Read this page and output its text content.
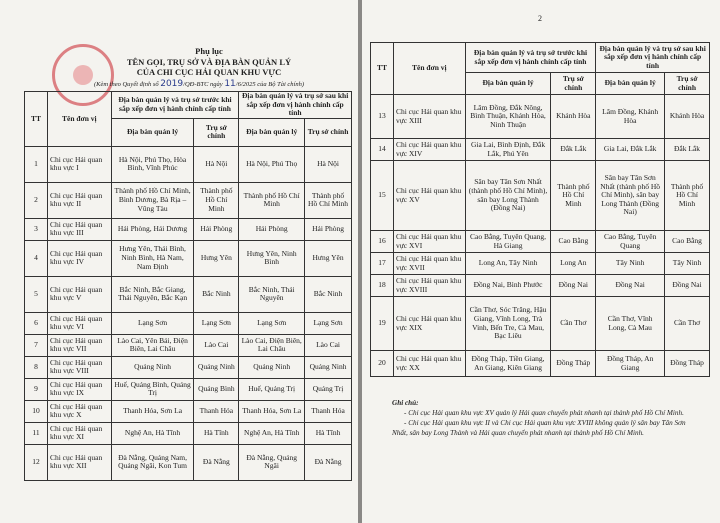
Phụ lục
TÊN GỌI, TRỤ SỞ VÀ ĐỊA BÀN QUẢN LÝ
CỦA CHI CỤC HẢI QUAN KHU VỰC
(Kèm theo Quyết định số 2019/QĐ-BTC ngày 11/6/2025 của Bộ Tài chính)
TT	Tên đơn vị	Địa bàn quản lý và trụ sở trước khi sắp xếp đơn vị hành chính cấp tỉnh		Địa bàn quản lý và trụ sở sau khi sắp xếp đơn vị hành chính cấp tỉnh	
		Địa bàn quản lý	Trụ sở chính	Địa bàn quản lý	Trụ sở chính
1	Chi cục Hải quan khu vực I	Hà Nội, Phú Thọ, Hòa Bình, Vĩnh Phúc	Hà Nội	Hà Nội, Phú Thọ	Hà Nội
2	Chi cục Hải quan khu vực II	Thành phố Hồ Chí Minh, Bình Dương, Bà Rịa – Vũng Tàu	Thành phố Hồ Chí Minh	Thành phố Hồ Chí Minh	Thành phố Hồ Chí Minh
3	Chi cục Hải quan khu vực III	Hải Phòng, Hải Dương	Hải Phòng	Hải Phòng	Hải Phòng
4	Chi cục Hải quan khu vực IV	Hưng Yên, Thái Bình, Ninh Bình, Hà Nam, Nam Định	Hưng Yên	Hưng Yên, Ninh Bình	Hưng Yên
5	Chi cục Hải quan khu vực V	Bắc Ninh, Bắc Giang, Thái Nguyên, Bắc Kạn	Bắc Ninh	Bắc Ninh, Thái Nguyên	Bắc Ninh
6	Chi cục Hải quan khu vực VI	Lạng Sơn	Lạng Sơn	Lạng Sơn	Lạng Sơn
7	Chi cục Hải quan khu vực VII	Lào Cai, Yên Bái, Điện Biên, Lai Châu	Lào Cai	Lào Cai, Điện Biên, Lai Châu	Lào Cai
8	Chi cục Hải quan khu vực VIII	Quảng Ninh	Quảng Ninh	Quảng Ninh	Quảng Ninh
9	Chi cục Hải quan khu vực IX	Huế, Quảng Bình, Quảng Trị	Quảng Bình	Huế, Quảng Trị	Quảng Trị
10	Chi cục Hải quan khu vực X	Thanh Hóa, Sơn La	Thanh Hóa	Thanh Hóa, Sơn La	Thanh Hóa
11	Chi cục Hải quan khu vực XI	Nghệ An, Hà Tĩnh	Hà Tĩnh	Nghệ An, Hà Tĩnh	Hà Tĩnh
12	Chi cục Hải quan khu vực XII	Đà Nẵng, Quảng Nam, Quảng Ngãi, Kon Tum	Đà Nẵng	Đà Nẵng, Quảng Ngãi	Đà Nẵng
2
TT	Tên đơn vị	Địa bàn quản lý và trụ sở trước khi sắp xếp đơn vị hành chính cấp tỉnh		Địa bàn quản lý và trụ sở sau khi sắp xếp đơn vị hành chính cấp tỉnh	
		Địa bàn quản lý	Trụ sở chính	Địa bàn quản lý	Trụ sở chính
13	Chi cục Hải quan khu vực XIII	Lâm Đồng, Đắk Nông, Bình Thuận, Khánh Hòa, Ninh Thuận	Khánh Hòa	Lâm Đồng, Khánh Hòa	Khánh Hòa
14	Chi cục Hải quan khu vực XIV	Gia Lai, Bình Định, Đắk Lắk, Phú Yên	Đắk Lắk	Gia Lai, Đắk Lắk	Đắk Lắk
15	Chi cục Hải quan khu vực XV	Sân bay Tân Sơn Nhất (thành phố Hồ Chí Minh), sân bay Long Thành (Đồng Nai)	Thành phố Hồ Chí Minh	Sân bay Tân Sơn Nhất (thành phố Hồ Chí Minh), sân bay Long Thành (Đồng Nai)	Thành phố Hồ Chí Minh
16	Chi cục Hải quan khu vực XVI	Cao Bằng, Tuyên Quang, Hà Giang	Cao Bằng	Cao Bằng, Tuyên Quang	Cao Bằng
17	Chi cục Hải quan khu vực XVII	Long An, Tây Ninh	Long An	Tây Ninh	Tây Ninh
18	Chi cục Hải quan khu vực XVIII	Đồng Nai, Bình Phước	Đồng Nai	Đồng Nai	Đồng Nai
19	Chi cục Hải quan khu vực XIX	Cần Thơ, Sóc Trăng, Hậu Giang, Vĩnh Long, Trà Vinh, Bến Tre, Cà Mau, Bạc Liêu	Cần Thơ	Cần Thơ, Vĩnh Long, Cà Mau	Cần Thơ
20	Chi cục Hải quan khu vực XX	Đồng Tháp, Tiền Giang, An Giang, Kiên Giang	Đồng Tháp	Đồng Tháp, An Giang	Đồng Tháp
Ghi chú:

- Chi cục Hải quan khu vực XV quản lý Hải quan chuyển phát nhanh tại thành phố Hồ Chí Minh.

- Chi cục Hải quan khu vực II và Chi cục Hải quan khu vực XVIII không quản lý sân bay Tân Sơn Nhất, sân bay Long Thành và Hải quan chuyển phát nhanh tại thành phố Hồ Chí Minh.
